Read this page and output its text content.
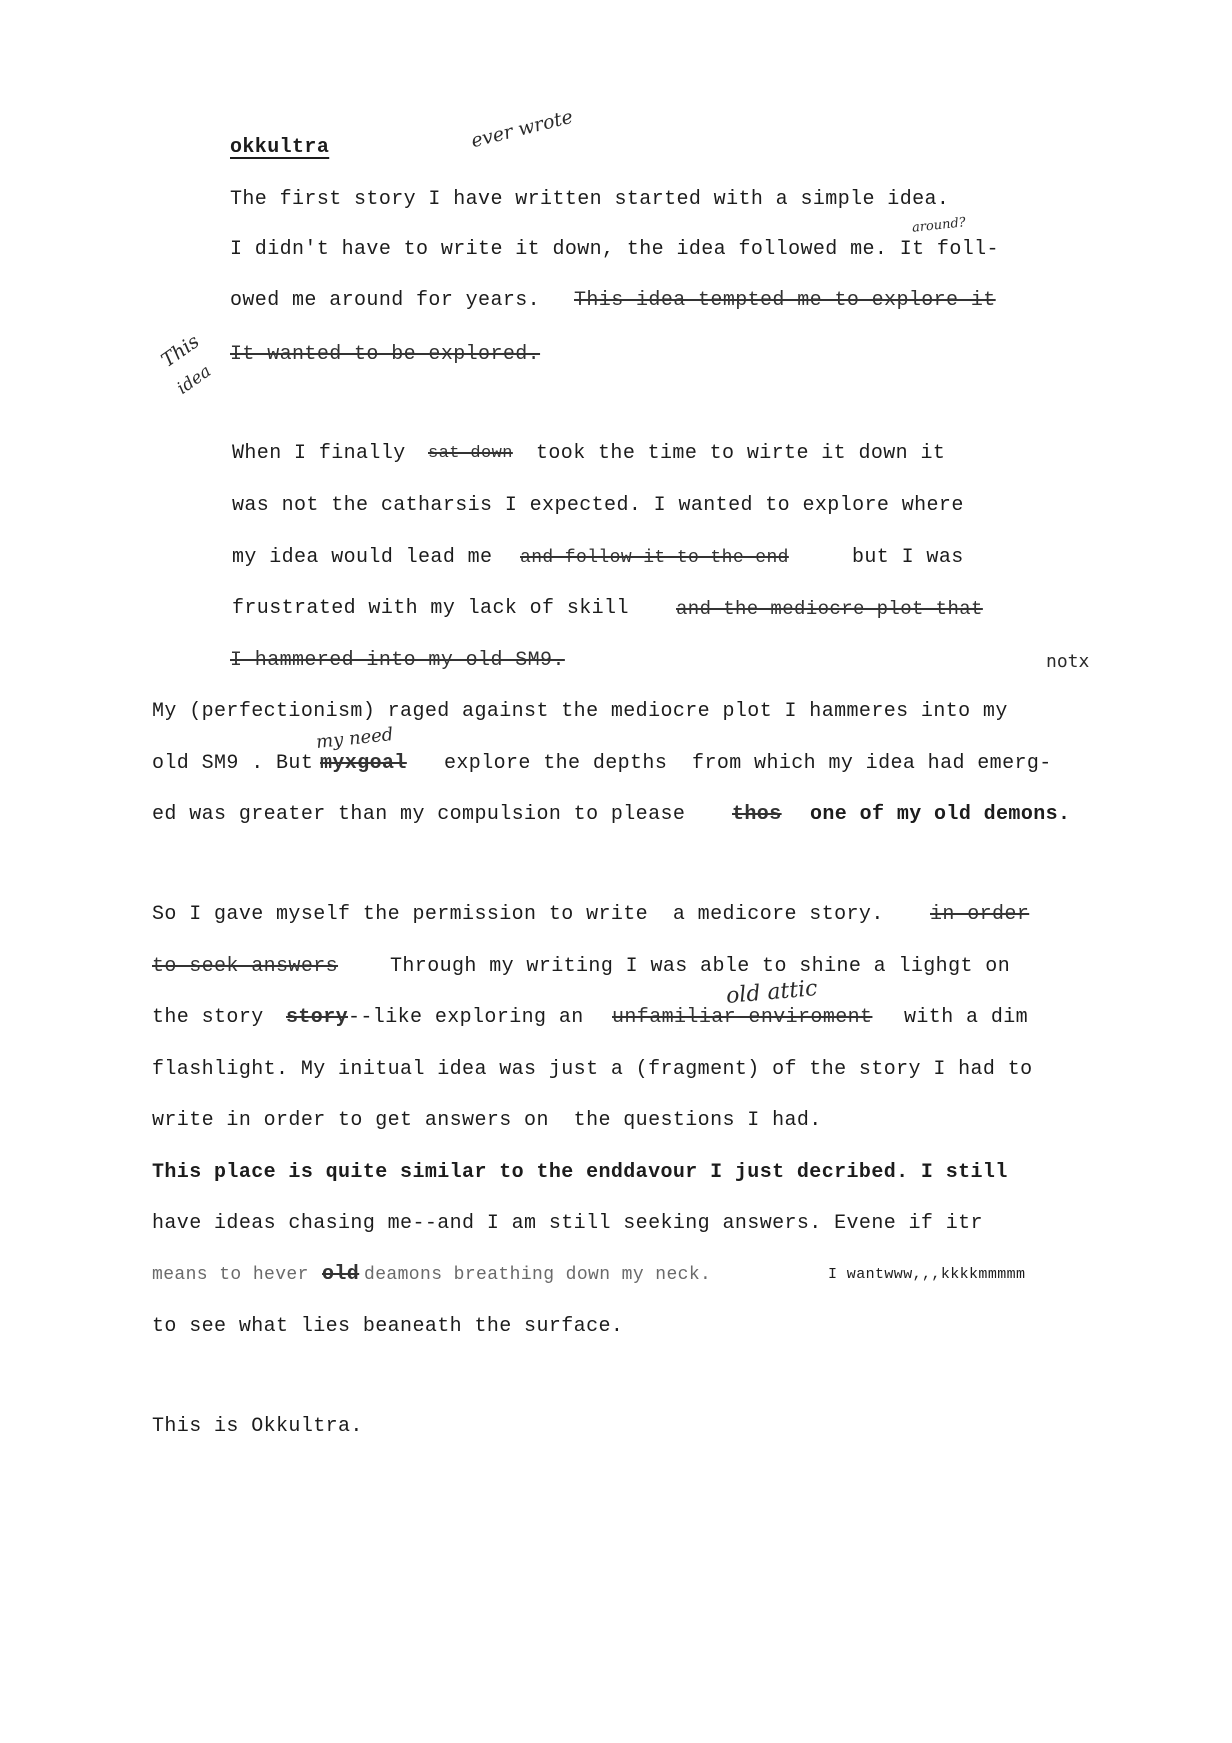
okkultra	ever wrote
The first story I have written started with a simple idea.
around?
I didn't have to write it down, the idea followed me. It foll-
owed me around for years. This idea tempted me to explore it
This
idea
It wanted to be explored.
When I finally sat down took the time to wirte it down it
was not the catharsis I expected. I wanted to explore where
my idea would lead me and follow it to the end	but I was
frustrated with my lack of skill and the mediocre plot that
I hammered into my old SM9.	notx
My (perfectionism) raged against the mediocre plot I hammeres into my
my need
old SM9 . But myxgoal explore the depths  from which my idea had emerg-
ed was greater than my compulsion to please thos one of my old demons.
So I gave myself the permission to write  a medicore story. in order
to seek answers	Through my writing I was able to shine a lighgt on
old attic
the story story --like exploring an unfamiliar enviroment with a dim
flashlight. My initual idea was just a (fragment) of the story I had to
write in order to get answers on  the questions I had.
This place is quite similar to the enddavour I just decribed. I still
have ideas chasing me--and I am still seeking answers. Evene if itr
means to hever old deamons breathing down my neck.	I wantwww,,,kkkkmmmmm
to see what lies beaneath the surface.
This is Okkultra.
